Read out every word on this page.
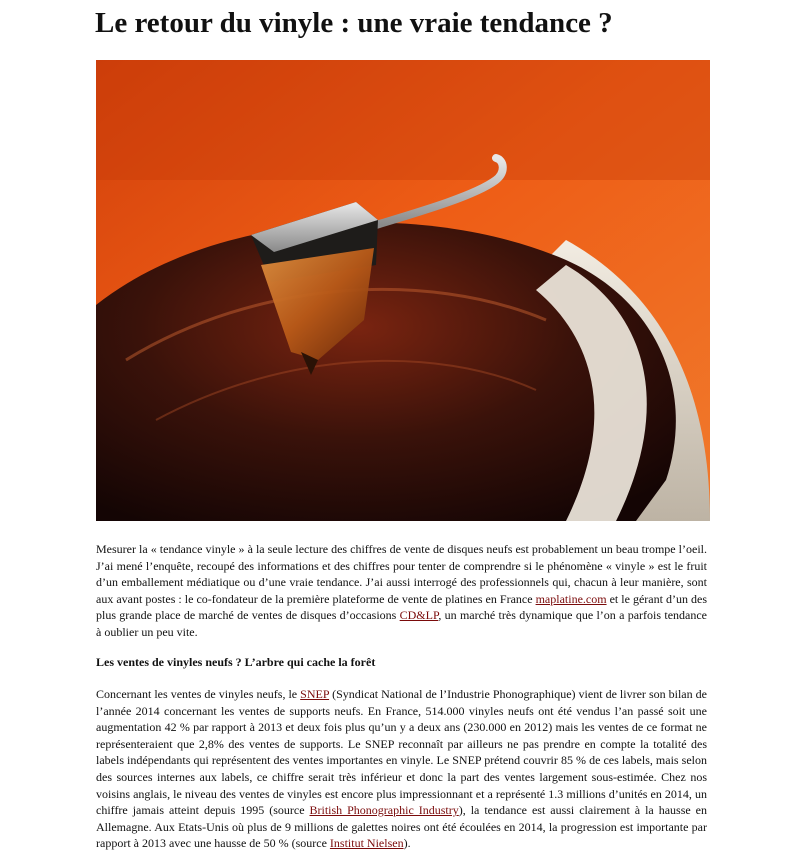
Le retour du vinyle : une vraie tendance ?

Mesurer la « tendance vinyle » à la seule lecture des chiffres de vente de disques neufs est probablement un beau trompe l’oeil. J’ai mené l’enquête, recoupé des informations et des chiffres pour tenter de comprendre si le phénomène « vinyle » est le fruit d’un emballement médiatique ou d’une vraie tendance. J’ai aussi interrogé des professionnels qui, chacun à leur manière, sont aux avant postes : le co-fondateur de la première plateforme de vente de platines en France maplatine.com et le gérant d’un des plus grande place de marché de ventes de disques d’occasions CD&LP, un marché très dynamique que l’on a parfois tendance à oublier un peu vite.

Les ventes de vinyles neufs ? L’arbre qui cache la forêt

Concernant les ventes de vinyles neufs, le SNEP (Syndicat National de l’Industrie Phonographique) vient de livrer son bilan de l’année 2014 concernant les ventes de supports neufs. En France, 514.000 vinyles neufs ont été vendus l’an passé soit une augmentation 42 % par rapport à 2013 et deux fois plus qu’un y a deux ans (230.000 en 2012) mais les ventes de ce format ne représenteraient que 2,8% des ventes de supports. Le SNEP reconnaît par ailleurs ne pas prendre en compte la totalité des labels indépendants qui représentent des ventes importantes en vinyle. Le SNEP prétend couvrir 85 % de ces labels, mais selon des sources internes aux labels, ce chiffre serait très inférieur et donc la part des ventes largement sous-estimée. Chez nos voisins anglais, le niveau des ventes de vinyles est encore plus impressionnant et a représenté 1.3 millions d’unités en 2014, un chiffre jamais atteint depuis 1995 (source British Phonographic Industry), la tendance est aussi clairement à la hausse en Allemagne. Aux Etats-Unis où plus de 9 millions de galettes noires ont été écoulées en 2014, la progression est importante par rapport à 2013 avec une hausse de 50 % (source Institut Nielsen).
